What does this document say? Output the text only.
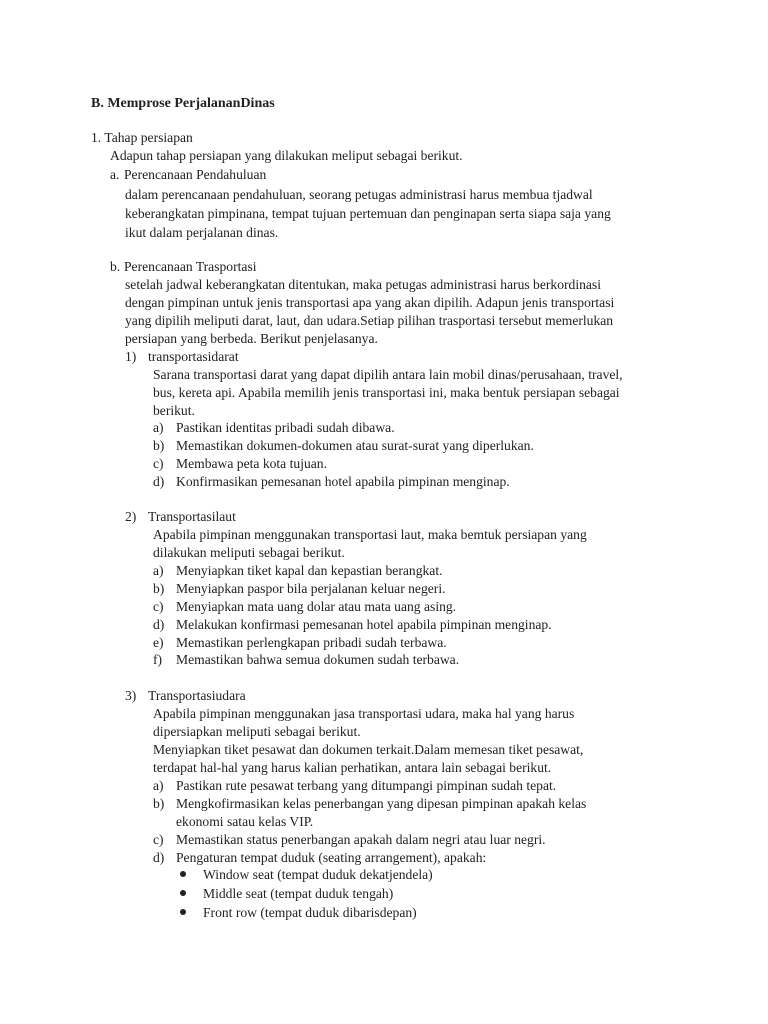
B. Memprose PerjalananDinas
1. Tahap persiapan
Adapun tahap persiapan yang dilakukan meliput sebagai berikut.
a. Perencanaan Pendahuluan
dalam perencanaan pendahuluan, seorang petugas administrasi harus membua tjadwal
keberangkatan pimpinana, tempat tujuan pertemuan dan penginapan serta siapa saja yang
ikut dalam perjalanan dinas.
b. Perencanaan Trasportasi
setelah jadwal keberangkatan ditentukan, maka petugas administrasi harus berkordinasi
dengan pimpinan untuk jenis transportasi apa yang akan dipilih. Adapun jenis transportasi
yang dipilih meliputi darat, laut, dan udara.Setiap pilihan trasportasi tersebut memerlukan
persiapan yang berbeda. Berikut penjelasanya.
1) transportasidarat
Sarana transportasi darat yang dapat dipilih antara lain mobil dinas/perusahaan, travel,
bus, kereta api. Apabila memilih jenis transportasi ini, maka bentuk persiapan sebagai
berikut.
a) Pastikan identitas pribadi sudah dibawa.
b) Memastikan dokumen-dokumen atau surat-surat yang diperlukan.
c) Membawa peta kota tujuan.
d) Konfirmasikan pemesanan hotel apabila pimpinan menginap.
2) Transportasilaut
Apabila pimpinan menggunakan transportasi laut, maka bemtuk persiapan yang
dilakukan meliputi sebagai berikut.
a) Menyiapkan tiket kapal dan kepastian berangkat.
b) Menyiapkan paspor bila perjalanan keluar negeri.
c) Menyiapkan mata uang dolar atau mata uang asing.
d) Melakukan konfirmasi pemesanan hotel apabila pimpinan menginap.
e) Memastikan perlengkapan pribadi sudah terbawa.
f) Memastikan bahwa semua dokumen sudah terbawa.
3) Transportasiudara
Apabila pimpinan menggunakan jasa transportasi udara, maka hal yang harus
dipersiapkan meliputi sebagai berikut.
Menyiapkan tiket pesawat dan dokumen terkait.Dalam memesan tiket pesawat,
terdapat hal-hal yang harus kalian perhatikan, antara lain sebagai berikut.
a) Pastikan rute pesawat terbang yang ditumpangi pimpinan sudah tepat.
b) Mengkofirmasikan kelas penerbangan yang dipesan pimpinan apakah kelas
ekonomi satau kelas VIP.
c) Memastikan status penerbangan apakah dalam negri atau luar negri.
d) Pengaturan tempat duduk (seating arrangement), apakah:
Window seat (tempat duduk dekatjendela)
Middle seat (tempat duduk tengah)
Front row (tempat duduk dibarisdepan)
